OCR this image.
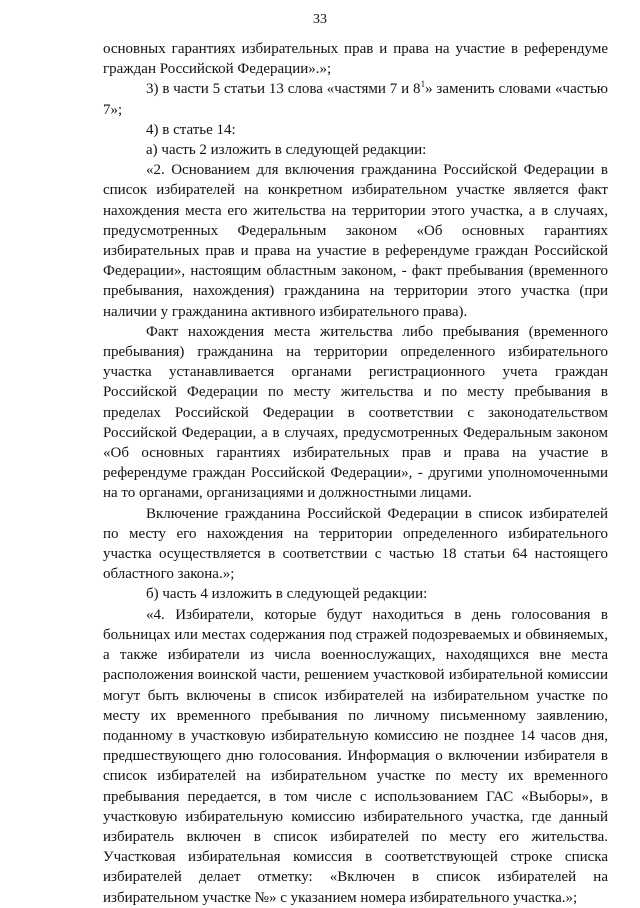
33

основных гарантиях избирательных прав и права на участие в референдуме граждан Российской Федерации».»;

3) в части 5 статьи 13 слова «частями 7 и $8^1$» заменить словами «частью 7»;

4) в статье 14:

а) часть 2 изложить в следующей редакции:

«2. Основанием для включения гражданина Российской Федерации в список избирателей на конкретном избирательном участке является факт нахождения места его жительства на территории этого участка, а в случаях, предусмотренных Федеральным законом «Об основных гарантиях избирательных прав и права на участие в референдуме граждан Российской Федерации», настоящим областным законом, - факт пребывания (временного пребывания, нахождения) гражданина на территории этого участка (при наличии у гражданина активного избирательного права).

Факт нахождения места жительства либо пребывания (временного пребывания) гражданина на территории определенного избирательного участка устанавливается органами регистрационного учета граждан Российской Федерации по месту жительства и по месту пребывания в пределах Российской Федерации в соответствии с законодательством Российской Федерации, а в случаях, предусмотренных Федеральным законом «Об основных гарантиях избирательных прав и права на участие в референдуме граждан Российской Федерации», - другими уполномоченными на то органами, организациями и должностными лицами.

Включение гражданина Российской Федерации в список избирателей по месту его нахождения на территории определенного избирательного участка осуществляется в соответствии с частью 18 статьи 64 настоящего областного закона.»;

б) часть 4 изложить в следующей редакции:

«4. Избиратели, которые будут находиться в день голосования в больницах или местах содержания под стражей подозреваемых и обвиняемых, а также избиратели из числа военнослужащих, находящихся вне места расположения воинской части, решением участковой избирательной комиссии могут быть включены в список избирателей на избирательном участке по месту их временного пребывания по личному письменному заявлению, поданному в участковую избирательную комиссию не позднее 14 часов дня, предшествующего дню голосования. Информация о включении избирателя в список избирателей на избирательном участке по месту их временного пребывания передается, в том числе с использованием ГАС «Выборы», в участковую избирательную комиссию избирательного участка, где данный избиратель включен в список избирателей по месту его жительства. Участковая избирательная комиссия в соответствующей строке списка избирателей делает отметку: «Включен в список избирателей на избирательном участке №» с указанием номера избирательного участка.»;
